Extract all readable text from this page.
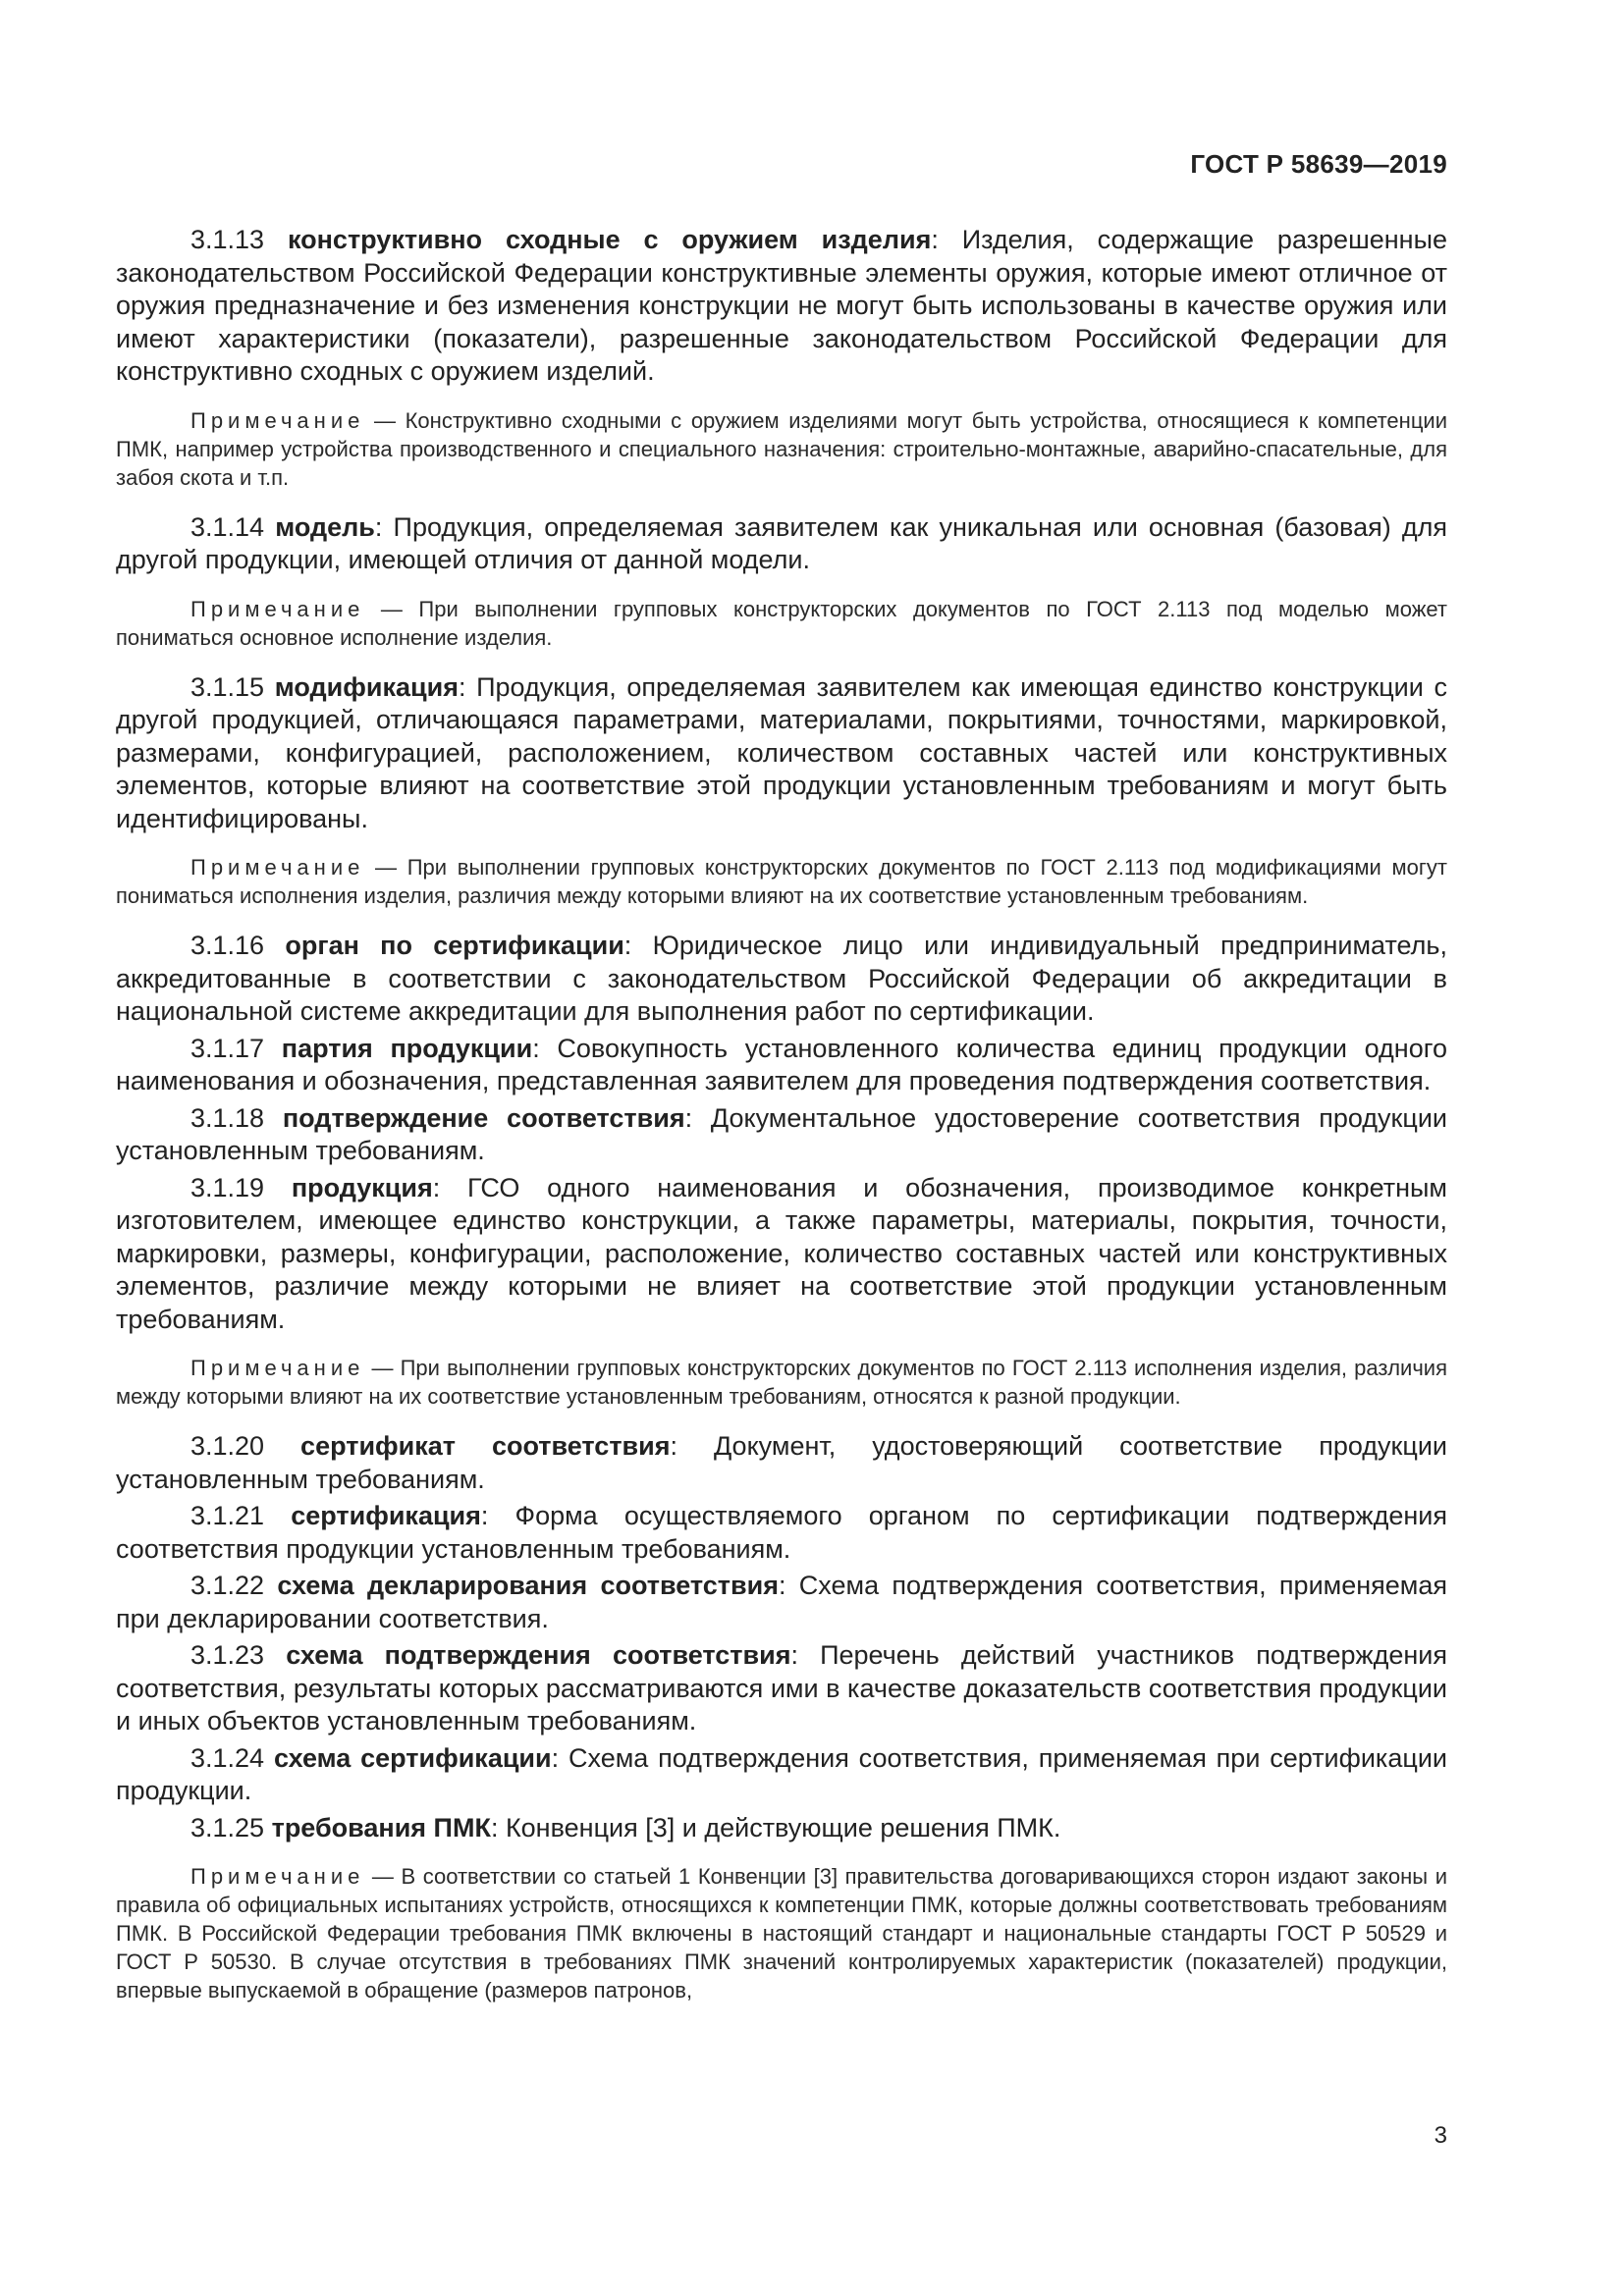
ГОСТ Р 58639—2019

3.1.13 конструктивно сходные с оружием изделия: Изделия, содержащие разрешенные законодательством Российской Федерации конструктивные элементы оружия, которые имеют отличное от оружия предназначение и без изменения конструкции не могут быть использованы в качестве оружия или имеют характеристики (показатели), разрешенные законодательством Российской Федерации для конструктивно сходных с оружием изделий.

Примечание — Конструктивно сходными с оружием изделиями могут быть устройства, относящиеся к компетенции ПМК, например устройства производственного и специального назначения: строительно-монтажные, аварийно-спасательные, для забоя скота и т.п.

3.1.14 модель: Продукция, определяемая заявителем как уникальная или основная (базовая) для другой продукции, имеющей отличия от данной модели.

Примечание — При выполнении групповых конструкторских документов по ГОСТ 2.113 под моделью может пониматься основное исполнение изделия.

3.1.15 модификация: Продукция, определяемая заявителем как имеющая единство конструкции с другой продукцией, отличающаяся параметрами, материалами, покрытиями, точностями, маркировкой, размерами, конфигурацией, расположением, количеством составных частей или конструктивных элементов, которые влияют на соответствие этой продукции установленным требованиям и могут быть идентифицированы.

Примечание — При выполнении групповых конструкторских документов по ГОСТ 2.113 под модификациями могут пониматься исполнения изделия, различия между которыми влияют на их соответствие установленным требованиям.

3.1.16 орган по сертификации: Юридическое лицо или индивидуальный предприниматель, аккредитованные в соответствии с законодательством Российской Федерации об аккредитации в национальной системе аккредитации для выполнения работ по сертификации.

3.1.17 партия продукции: Совокупность установленного количества единиц продукции одного наименования и обозначения, представленная заявителем для проведения подтверждения соответствия.

3.1.18 подтверждение соответствия: Документальное удостоверение соответствия продукции установленным требованиям.

3.1.19 продукция: ГСО одного наименования и обозначения, производимое конкретным изготовителем, имеющее единство конструкции, а также параметры, материалы, покрытия, точности, маркировки, размеры, конфигурации, расположение, количество составных частей или конструктивных элементов, различие между которыми не влияет на соответствие этой продукции установленным требованиям.

Примечание — При выполнении групповых конструкторских документов по ГОСТ 2.113 исполнения изделия, различия между которыми влияют на их соответствие установленным требованиям, относятся к разной продукции.

3.1.20 сертификат соответствия: Документ, удостоверяющий соответствие продукции установленным требованиям.

3.1.21 сертификация: Форма осуществляемого органом по сертификации подтверждения соответствия продукции установленным требованиям.

3.1.22 схема декларирования соответствия: Схема подтверждения соответствия, применяемая при декларировании соответствия.

3.1.23 схема подтверждения соответствия: Перечень действий участников подтверждения соответствия, результаты которых рассматриваются ими в качестве доказательств соответствия продукции и иных объектов установленным требованиям.

3.1.24 схема сертификации: Схема подтверждения соответствия, применяемая при сертификации продукции.

3.1.25 требования ПМК: Конвенция [3] и действующие решения ПМК.

Примечание — В соответствии со статьей 1 Конвенции [3] правительства договаривающихся сторон издают законы и правила об официальных испытаниях устройств, относящихся к компетенции ПМК, которые должны соответствовать требованиям ПМК. В Российской Федерации требования ПМК включены в настоящий стандарт и национальные стандарты ГОСТ Р 50529 и ГОСТ Р 50530. В случае отсутствия в требованиях ПМК значений контролируемых характеристик (показателей) продукции, впервые выпускаемой в обращение (размеров патронов,

3
